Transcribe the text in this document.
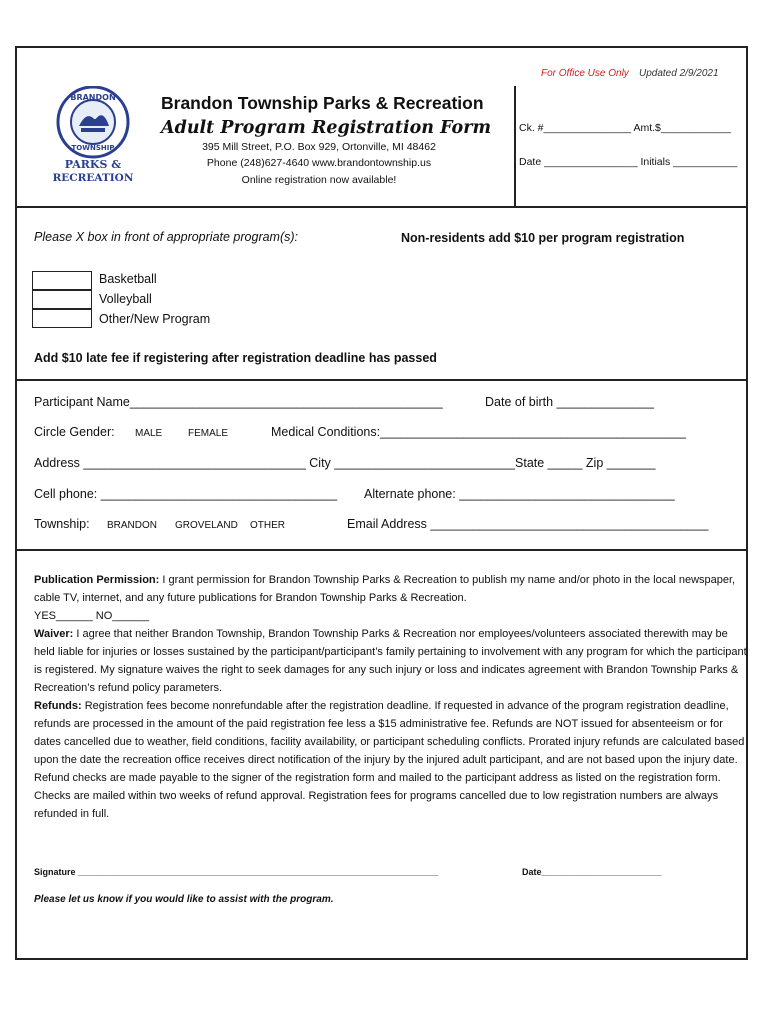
BRANDON
1837
TOWNSHIP
PARKS &
RECREATION
Brandon Township Parks & Recreation
Adult Program Registration Form
395 Mill Street, P.O. Box 929, Ortonville, MI 48462
Phone (248)627-4640 www.brandontownship.us
Online registration now available!
For Office Use Only Updated 2/9/2021
Ck. #_______________ Amt.$____________
Date ________________ Initials ___________
Please X box in front of appropriate program(s):	Non-residents add $10 per program registration
Basketball
Volleyball
Other/New Program
Add $10 late fee if registering after registration deadline has passed
Participant Name_____________________________________________	Date of birth ______________
Circle Gender: MALE	FEMALE	Medical Conditions:____________________________________________
Address ________________________________ City __________________________State _____ Zip _______
Cell phone: __________________________________ Alternate phone: _______________________________
Township: BRANDON GROVELAND OTHER	Email Address ________________________________________

Publication Permission: I grant permission for Brandon Township Parks & Recreation to publish my name and/or photo in the local newspaper, cable TV, internet, and any future publications for Brandon Township Parks & Recreation.

YES______ NO______

Waiver: I agree that neither Brandon Township, Brandon Township Parks & Recreation nor employees/volunteers associated therewith may be held liable for injuries or losses sustained by the participant/participant’s family pertaining to involvement with any program for which the participant is registered. My signature waives the right to seek damages for any such injury or loss and indicates agreement with Brandon Township Parks & Recreation’s refund policy parameters.

Refunds: Registration fees become nonrefundable after the registration deadline. If requested in advance of the program registration deadline, refunds are processed in the amount of the paid registration fee less a $15 administrative fee. Refunds are NOT issued for absenteeism or for dates cancelled due to weather, field conditions, facility availability, or participant scheduling conflicts. Prorated injury refunds are calculated based upon the date the recreation office receives direct notification of the injury by the injured adult participant, and are not based upon the injury date. Refund checks are made payable to the signer of the registration form and mailed to the participant address as listed on the registration form. Checks are mailed within two weeks of refund approval. Registration fees for programs cancelled due to low registration numbers are always refunded in full.

Signature ________________________________________________________________________	Date________________________
Please let us know if you would like to assist with the program.
